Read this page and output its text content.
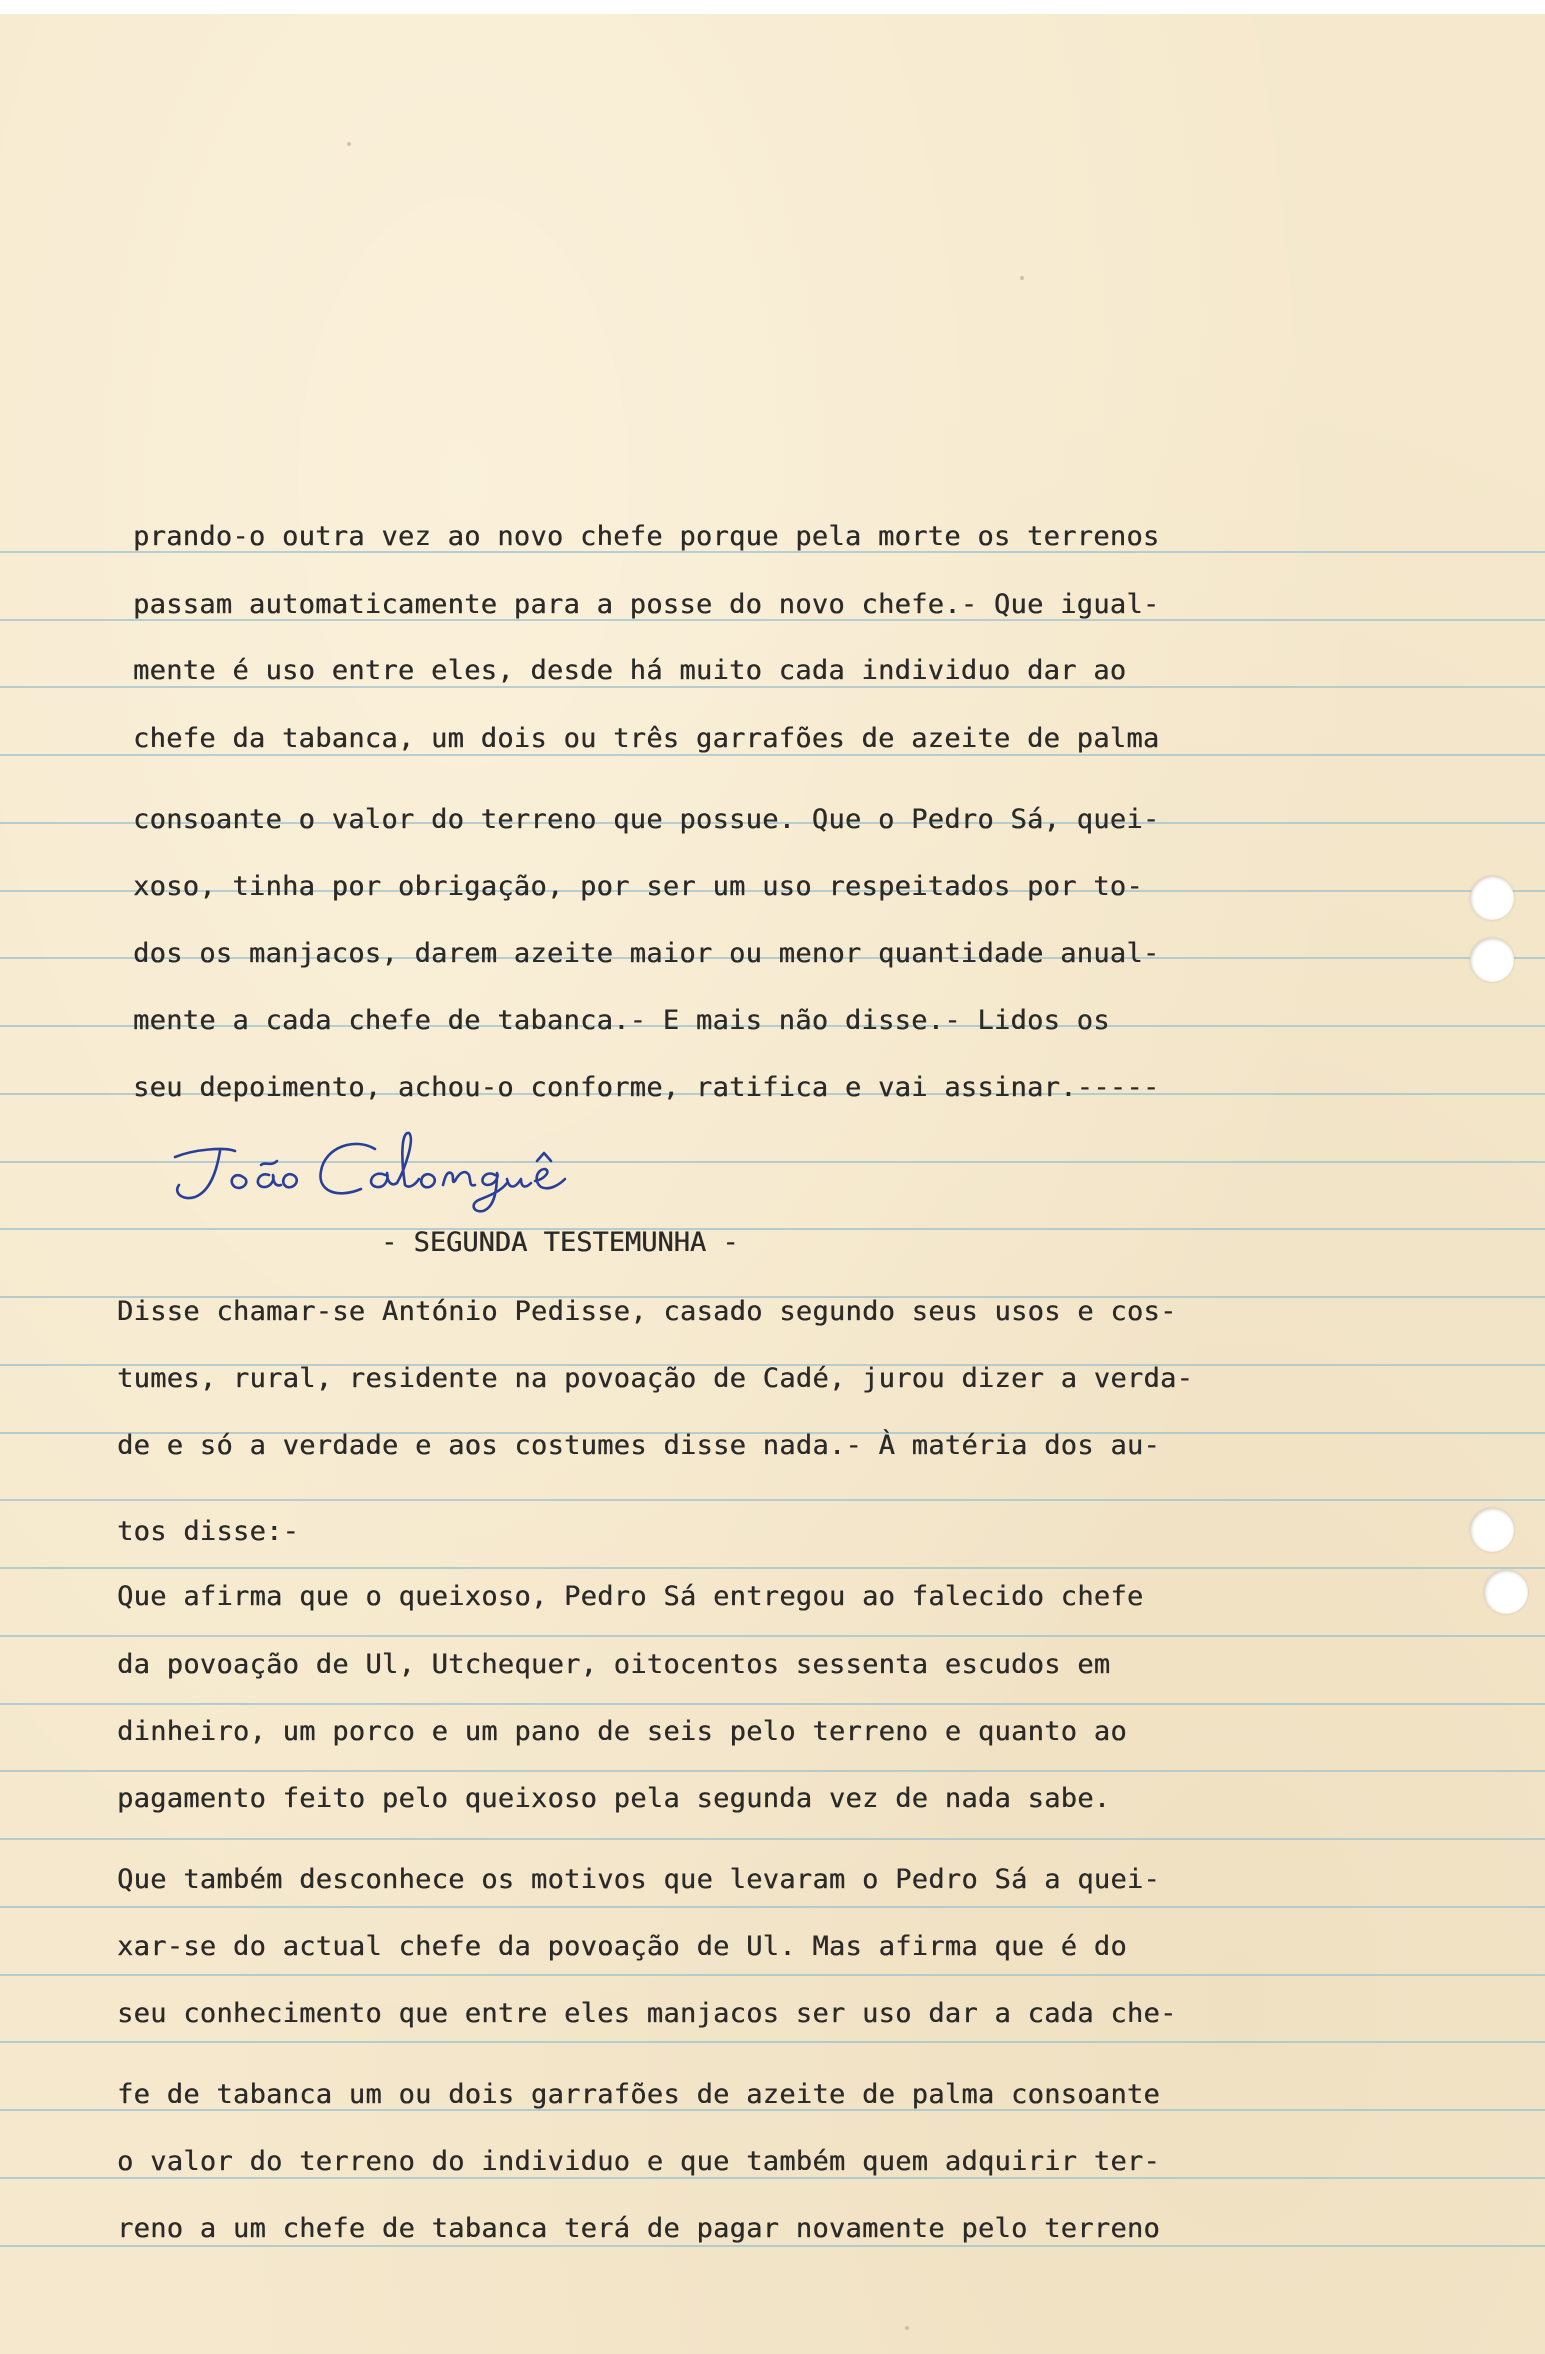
prando-o outra vez ao novo chefe porque pela morte os terrenos
passam automaticamente para a posse do novo chefe.- Que igual-
mente é uso entre eles, desde há muito cada individuo dar ao
chefe da tabanca, um dois ou três garrafões de azeite de palma
consoante o valor do terreno que possue. Que o Pedro Sá, quei-
xoso, tinha por obrigação, por ser um uso respeitados por to-
dos os manjacos, darem azeite maior ou menor quantidade anual-
mente a cada chefe de tabanca.- E mais não disse.- Lidos os
seu depoimento, achou-o conforme, ratifica e vai assinar.-----
- SEGUNDA TESTEMUNHA -
Disse chamar-se António Pedisse, casado segundo seus usos e cos-
tumes, rural, residente na povoação de Cadé, jurou dizer a verda-
de e só a verdade e aos costumes disse nada.- À matéria dos au-
tos disse:-
Que afirma que o queixoso, Pedro Sá entregou ao falecido chefe
da povoação de Ul, Utchequer, oitocentos sessenta escudos em
dinheiro, um porco e um pano de seis pelo terreno e quanto ao
pagamento feito pelo queixoso pela segunda vez de nada sabe.
Que também desconhece os motivos que levaram o Pedro Sá a quei-
xar-se do actual chefe da povoação de Ul. Mas afirma que é do
seu conhecimento que entre eles manjacos ser uso dar a cada che-
fe de tabanca um ou dois garrafões de azeite de palma consoante
o valor do terreno do individuo e que também quem adquirir ter-
reno a um chefe de tabanca terá de pagar novamente pelo terreno
